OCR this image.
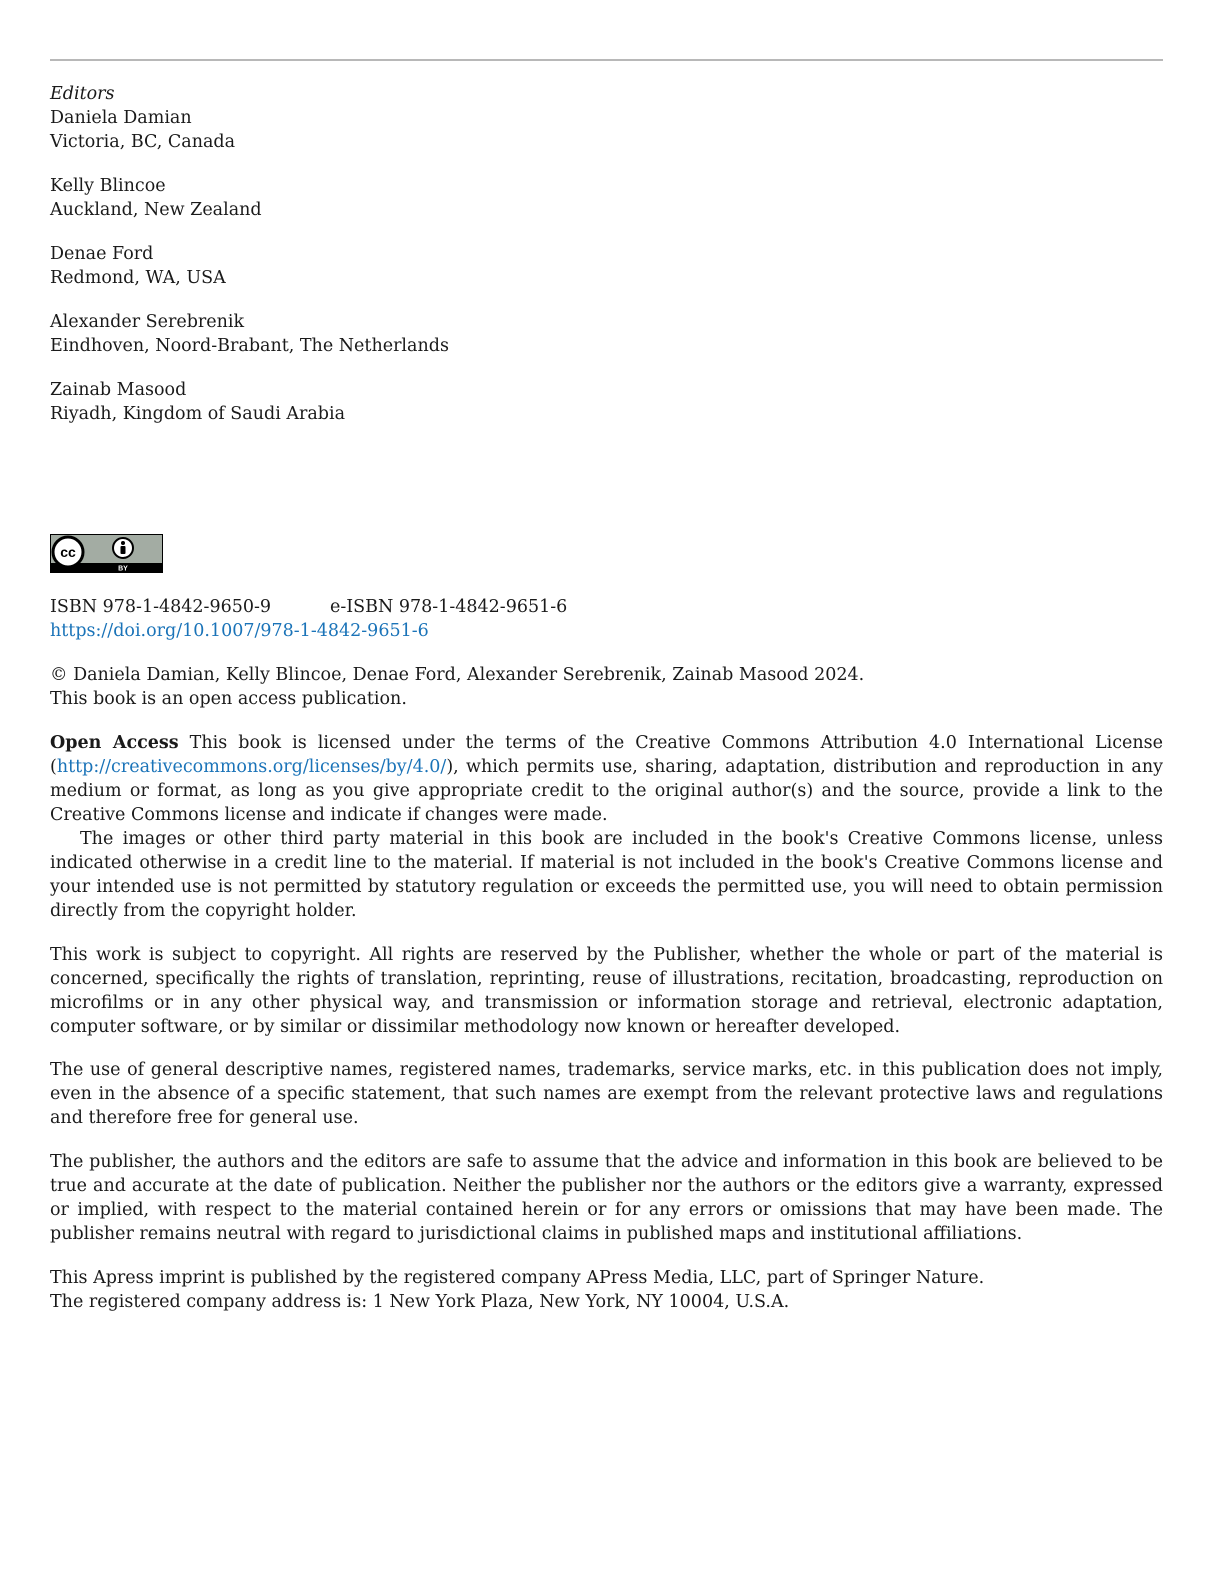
Editors
Daniela Damian
Victoria, BC, Canada
Kelly Blincoe
Auckland, New Zealand
Denae Ford
Redmond, WA, USA
Alexander Serebrenik
Eindhoven, Noord-Brabant, The Netherlands
Zainab Masood
Riyadh, Kingdom of Saudi Arabia
cc
BY
ISBN 978-1-4842-9650-9	e-ISBN 978-1-4842-9651-6
https://doi.org/10.1007/978-1-4842-9651-6
© Daniela Damian, Kelly Blincoe, Denae Ford, Alexander Serebrenik, Zainab Masood 2024.
This book is an open access publication.

Open Access This book is licensed under the terms of the Creative Commons Attribution 4.0 International License (http://creativecommons.org/licenses/by/4.0/), which permits use, sharing, adaptation, distribution and reproduction in any medium or format, as long as you give appropriate credit to the original author(s) and the source, provide a link to the Creative Commons license and indicate if changes were made.

The images or other third party material in this book are included in the book's Creative Commons license, unless indicated otherwise in a credit line to the material. If material is not included in the book's Creative Commons license and your intended use is not permitted by statutory regulation or exceeds the permitted use, you will need to obtain permission directly from the copyright holder.

This work is subject to copyright. All rights are reserved by the Publisher, whether the whole or part of the material is concerned, specifically the rights of translation, reprinting, reuse of illustrations, recitation, broadcasting, reproduction on microfilms or in any other physical way, and transmission or information storage and retrieval, electronic adaptation, computer software, or by similar or dissimilar methodology now known or hereafter developed.

The use of general descriptive names, registered names, trademarks, service marks, etc. in this publication does not imply, even in the absence of a specific statement, that such names are exempt from the relevant protective laws and regulations and therefore free for general use.

The publisher, the authors and the editors are safe to assume that the advice and information in this book are believed to be true and accurate at the date of publication. Neither the publisher nor the authors or the editors give a warranty, expressed or implied, with respect to the material contained herein or for any errors or omissions that may have been made. The publisher remains neutral with regard to jurisdictional claims in published maps and institutional affiliations.

This Apress imprint is published by the registered company APress Media, LLC, part of Springer Nature.
The registered company address is: 1 New York Plaza, New York, NY 10004, U.S.A.
